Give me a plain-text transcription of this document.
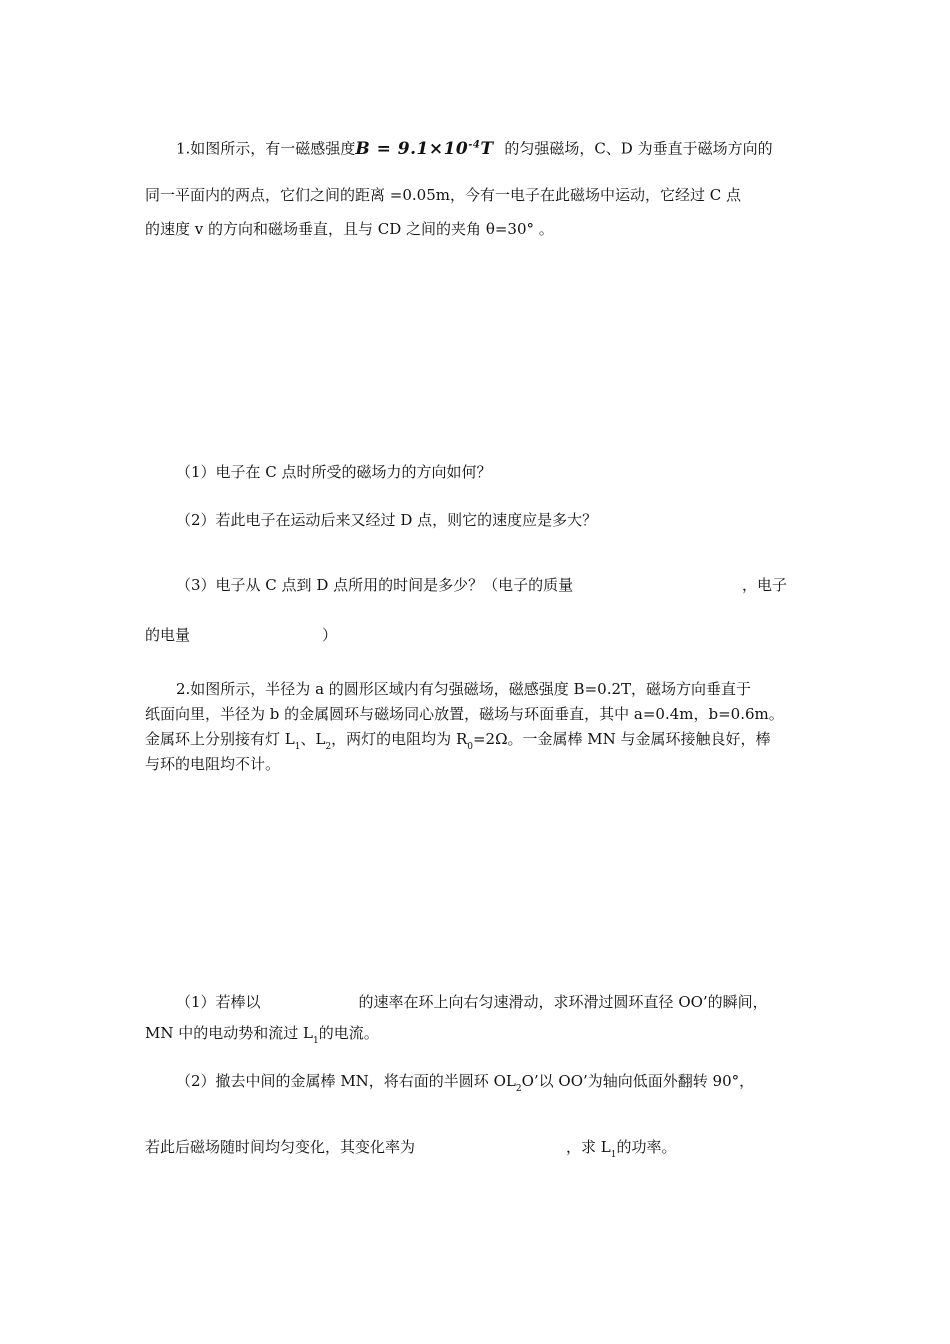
1.如图所示，有一磁感强度$B = 9.1\times 10^{-4}T$ 的匀强磁场，C、D 为垂直于磁场方向的
同一平面内的两点，它们之间的距离 =0.05m，今有一电子在此磁场中运动，它经过 C 点
的速度 v 的方向和磁场垂直，且与 CD 之间的夹角 θ=30° 。
（1）电子在 C 点时所受的磁场力的方向如何？
（2）若此电子在运动后来又经过 D 点，则它的速度应是多大？
（3）电子从 C 点到 D 点所用的时间是多少？（电子的质量	，电子
的电量	）
2.如图所示，半径为 a 的圆形区域内有匀强磁场，磁感强度 B=0.2T，磁场方向垂直于
纸面向里，半径为 b 的金属圆环与磁场同心放置，磁场与环面垂直，其中 a=0.4m，b=0.6m。
金属环上分别接有灯 $L_1$、$L_2$，两灯的电阻均为 $R_0=2\Omega$。一金属棒 MN 与金属环接触良好，棒
与环的电阻均不计。
（1）若棒以	的速率在环上向右匀速滑动，求环滑过圆环直径 OO’的瞬间，
MN 中的电动势和流过 $L_1$的电流。
（2）撤去中间的金属棒 MN，将右面的半圆环 $OL_2O$’以 OO’为轴向低面外翻转 90°，
若此后磁场随时间均匀变化，其变化率为	，求 $L_1$的功率。
